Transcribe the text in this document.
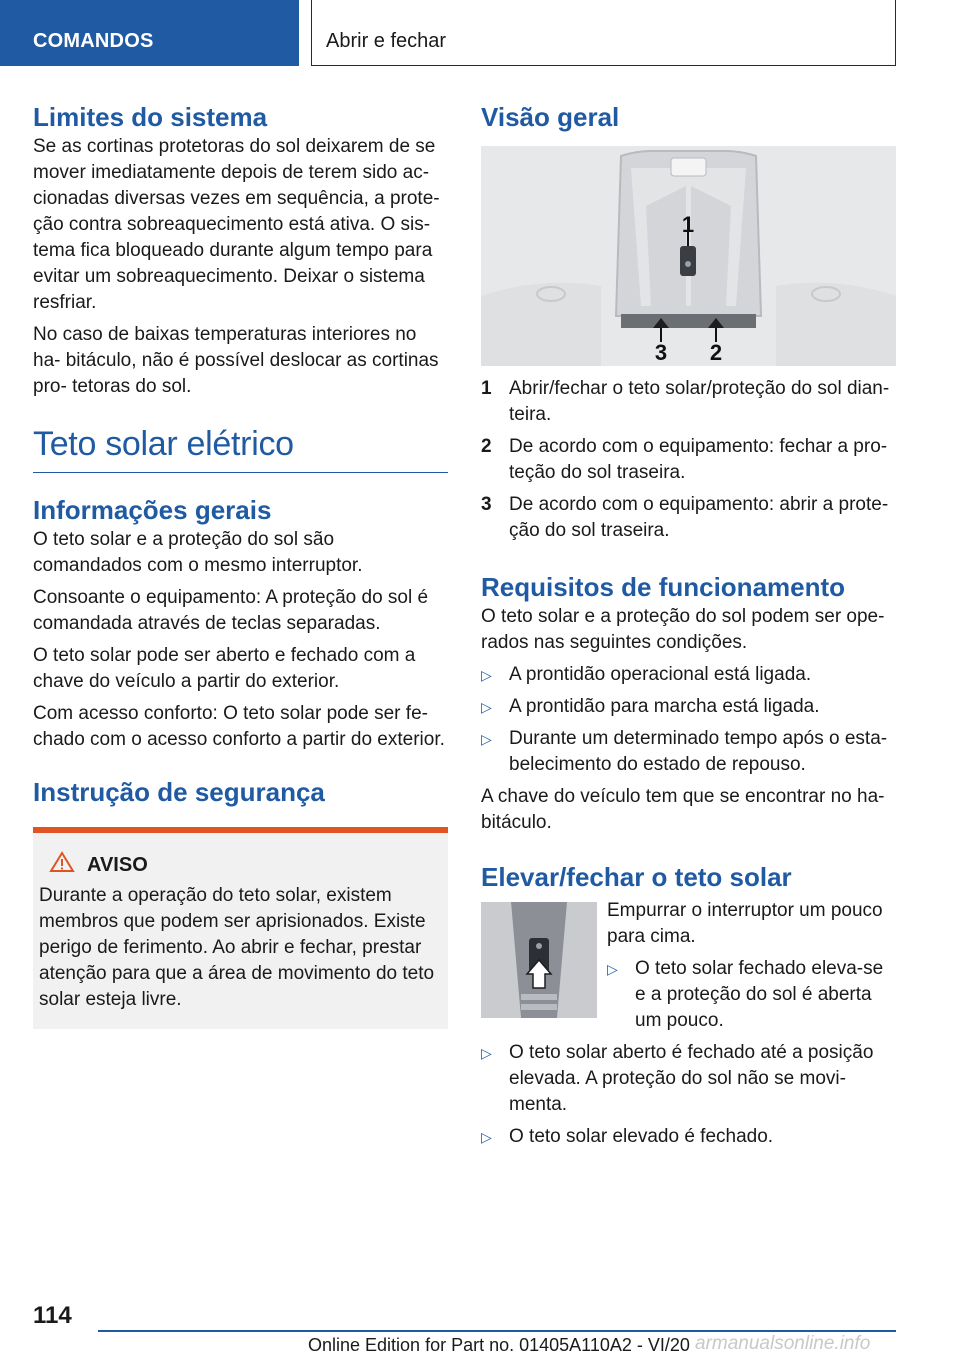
COMANDOS	Abrir e fechar
Limites do sistema
Se as cortinas protetoras do sol deixarem de se mover imediatamente depois de terem sido ac- cionadas diversas vezes em sequência, a prote- ção contra sobreaquecimento está ativa. O sis- tema fica bloqueado durante algum tempo para evitar um sobreaquecimento. Deixar o sistema resfriar.
No caso de baixas temperaturas interiores no ha- bitáculo, não é possível deslocar as cortinas pro- tetoras do sol.
Teto solar elétrico
Informações gerais
O teto solar e a proteção do sol são comandados com o mesmo interruptor.
Consoante o equipamento: A proteção do sol é comandada através de teclas separadas.
O teto solar pode ser aberto e fechado com a chave do veículo a partir do exterior.
Com acesso conforto: O teto solar pode ser fe- chado com o acesso conforto a partir do exterior.
Instrução de segurança
AVISO
Durante a operação do teto solar, existem membros que podem ser aprisionados. Existe perigo de ferimento. Ao abrir e fechar, prestar atenção para que a área de movimento do teto solar esteja livre.
Visão geral
1
3 2
1 Abrir/fechar o teto solar/proteção do sol dian- teira.
2 De acordo com o equipamento: fechar a pro- teção do sol traseira.
3 De acordo com o equipamento: abrir a prote- ção do sol traseira.
Requisitos de funcionamento
O teto solar e a proteção do sol podem ser ope- rados nas seguintes condições.
▷ A prontidão operacional está ligada.
▷ A prontidão para marcha está ligada.
▷ Durante um determinado tempo após o esta- belecimento do estado de repouso.
A chave do veículo tem que se encontrar no ha- bitáculo.
Elevar/fechar o teto solar
Empurrar o interruptor um pouco para cima.
▷ O teto solar fechado eleva-se e a proteção do sol é aberta um pouco.
▷ O teto solar aberto é fechado até a posição elevada. A proteção do sol não se movi- menta.
▷ O teto solar elevado é fechado.
114
Online Edition for Part no. 01405A110A2 - VI/20 armanualsonline.info
